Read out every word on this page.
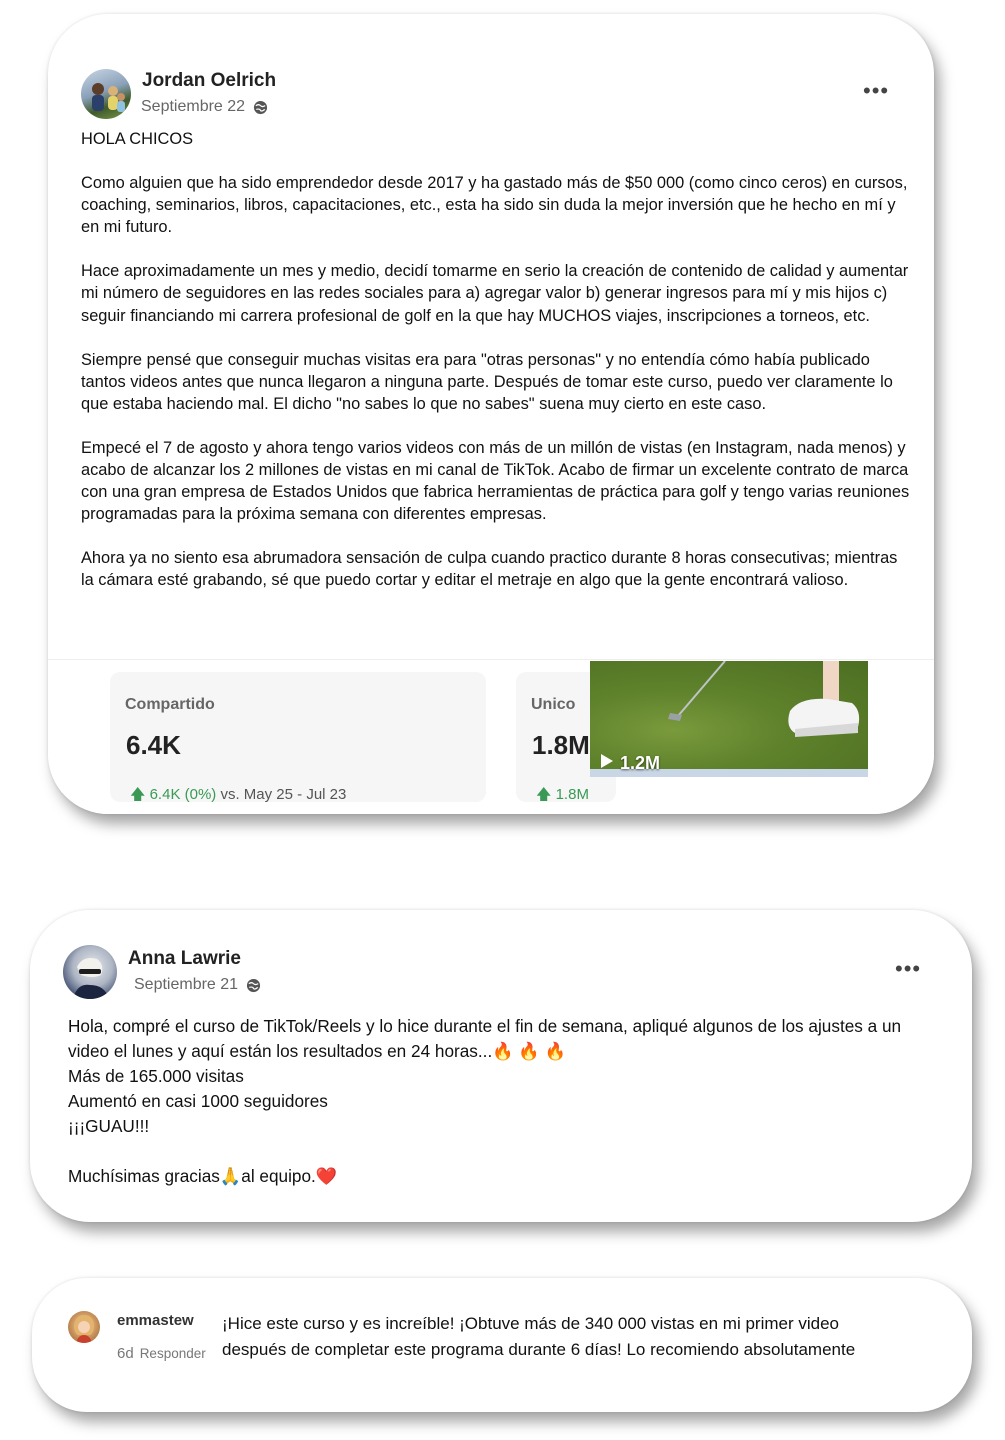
Jordan Oelrich
Septiembre 22
•••

HOLA CHICOS

Como alguien que ha sido emprendedor desde 2017 y ha gastado más de $50 000 (como cinco ceros) en cursos, coaching, seminarios, libros, capacitaciones, etc., esta ha sido sin duda la mejor inversión que he hecho en mí y en mi futuro.

Hace aproximadamente un mes y medio, decidí tomarme en serio la creación de contenido de calidad y aumentar mi número de seguidores en las redes sociales para a) agregar valor b) generar ingresos para mí y mis hijos c) seguir financiando mi carrera profesional de golf en la que hay MUCHOS viajes, inscripciones a torneos, etc.

Siempre pensé que conseguir muchas visitas era para "otras personas" y no entendía cómo había publicado tantos videos antes que nunca llegaron a ninguna parte. Después de tomar este curso, puedo ver claramente lo que estaba haciendo mal. El dicho "no sabes lo que no sabes" suena muy cierto en este caso.

Empecé el 7 de agosto y ahora tengo varios videos con más de un millón de vistas (en Instagram, nada menos) y acabo de alcanzar los 2 millones de vistas en mi canal de TikTok. Acabo de firmar un excelente contrato de marca con una gran empresa de Estados Unidos que fabrica herramientas de práctica para golf y tengo varias reuniones programadas para la próxima semana con diferentes empresas.

Ahora ya no siento esa abrumadora sensación de culpa cuando practico durante 8 horas consecutivas; mientras la cámara esté grabando, sé que puedo cortar y editar el metraje en algo que la gente encontrará valioso.

Compartido
6.4K
🡅 6.4K (0%) vs. May 25 - Jul 23
Unico
1.8M
🡅 1.8M
1.2M
Anna Lawrie
Septiembre 21
•••

Hola, compré el curso de TikTok/Reels y lo hice durante el fin de semana, apliqué algunos de los ajustes a un video el lunes y aquí están los resultados en 24 horas...🔥 🔥 🔥

Más de 165.000 visitas

Aumentó en casi 1000 seguidores

¡¡¡GUAU!!!

Muchísimas gracias🙏al equipo.❤️

emmastew
6d Responder

¡Hice este curso y es increíble! ¡Obtuve más de 340 000 vistas en mi primer video

después de completar este programa durante 6 días! Lo recomiendo absolutamente
